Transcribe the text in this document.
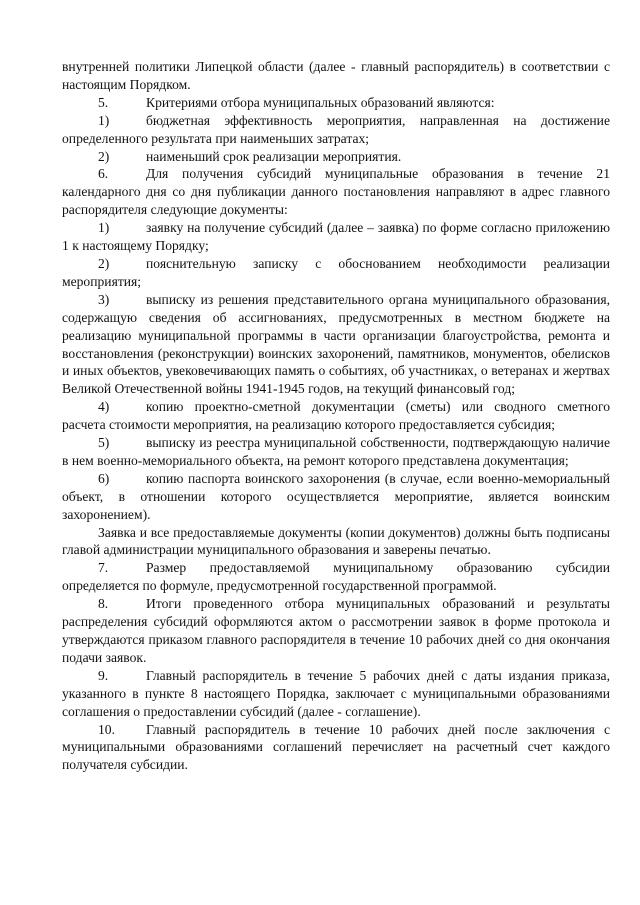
внутренней политики Липецкой области (далее - главный распорядитель) в соответствии с настоящим Порядком.

5.	Критериями отбора муниципальных образований являются:

1)	бюджетная эффективность мероприятия, направленная на достижение определенного результата при наименьших затратах;

2)	наименьший срок реализации мероприятия.

6.	Для получения субсидий муниципальные образования в течение 21 календарного дня со дня публикации данного постановления направляют в адрес главного распорядителя следующие документы:

1)	заявку на получение субсидий (далее – заявка) по форме согласно приложению 1 к настоящему Порядку;

2)	пояснительную записку с обоснованием необходимости реализации мероприятия;

3)	выписку из решения представительного органа муниципального образования, содержащую сведения об ассигнованиях, предусмотренных в местном бюджете на реализацию муниципальной программы в части организации благоустройства, ремонта и восстановления (реконструкции) воинских захоронений, памятников, монументов, обелисков и иных объектов, увековечивающих память о событиях, об участниках, о ветеранах и жертвах Великой Отечественной войны 1941-1945 годов, на текущий финансовый год;

4)	копию проектно-сметной документации (сметы) или сводного сметного расчета стоимости мероприятия, на реализацию которого предоставляется субсидия;

5)	выписку из реестра муниципальной собственности, подтверждающую наличие в нем военно-мемориального объекта, на ремонт которого представлена документация;

6)	копию паспорта воинского захоронения (в случае, если военно-мемориальный объект, в отношении которого осуществляется мероприятие, является воинским захоронением).

Заявка и все предоставляемые документы (копии документов) должны быть подписаны главой администрации муниципального образования и заверены печатью.

7.	Размер предоставляемой муниципальному образованию субсидии определяется по формуле, предусмотренной государственной программой.

8.	Итоги проведенного отбора муниципальных образований и результаты распределения субсидий оформляются актом о рассмотрении заявок в форме протокола и утверждаются приказом главного распорядителя в течение 10 рабочих дней со дня окончания подачи заявок.

9.	Главный распорядитель в течение 5 рабочих дней с даты издания приказа, указанного в пункте 8 настоящего Порядка, заключает с муниципальными образованиями соглашения о предоставлении субсидий (далее - соглашение).

10. Главный распорядитель в течение 10 рабочих дней после заключения с муниципальными образованиями соглашений перечисляет на расчетный счет каждого получателя субсидии.
